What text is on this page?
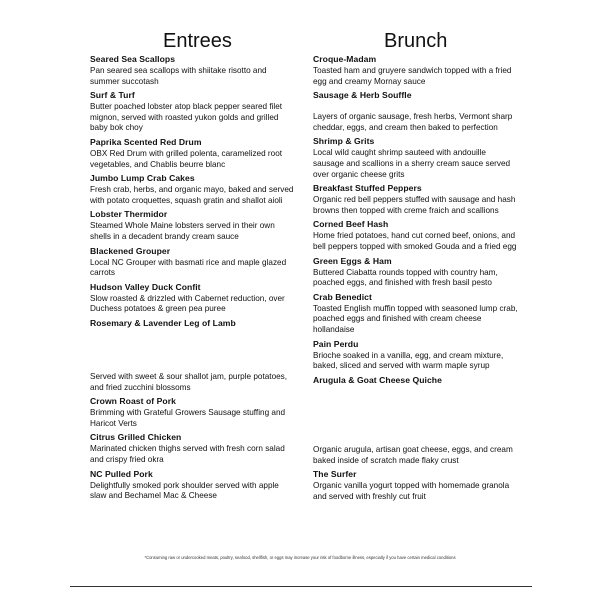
Entrees	Brunch
Seared Sea Scallops
Pan seared sea scallops with shiitake risotto and summer succotash
Surf & Turf
Butter poached lobster atop black pepper seared filet mignon, served with roasted yukon golds and grilled baby bok choy
Paprika Scented Red Drum
OBX Red Drum with grilled polenta, caramelized root vegetables, and Chablis beurre blanc
Jumbo Lump Crab Cakes
Fresh crab, herbs, and organic mayo, baked and served with potato croquettes, squash gratin and shallot aioli
Lobster Thermidor
Steamed Whole Maine lobsters served in their own shells in a decadent brandy cream sauce
Blackened Grouper
Local NC Grouper with basmati rice and maple glazed carrots
Hudson Valley Duck Confit
Slow roasted & drizzled with Cabernet reduction, over Duchess potatoes & green pea puree
Rosemary & Lavender Leg of Lamb
Served with sweet & sour shallot jam, purple potatoes, and fried zucchini blossoms
Crown Roast of Pork
Brimming with Grateful Growers Sausage stuffing and Haricot Verts
Citrus Grilled Chicken
Marinated chicken thighs served with fresh corn salad and crispy fried okra
NC Pulled Pork
Delightfully smoked pork shoulder served with apple slaw and Bechamel Mac & Cheese
Croque-Madam
Toasted ham and gruyere sandwich topped with a fried egg and creamy Mornay sauce
Sausage & Herb Souffle
Layers of organic sausage, fresh herbs, Vermont sharp cheddar, eggs, and cream then baked to perfection
Shrimp & Grits
Local wild caught shrimp sauteed with andouille sausage and scallions in a sherry cream sauce served over organic cheese grits
Breakfast Stuffed Peppers
Organic red bell peppers stuffed with sausage and hash browns then topped with creme fraich and scallions
Corned Beef Hash
Home fried potatoes, hand cut corned beef, onions, and bell peppers topped with smoked Gouda and a fried egg
Green Eggs & Ham
Buttered Ciabatta rounds topped with country ham, poached eggs, and finished with fresh basil pesto
Crab Benedict
Toasted English muffin topped with seasoned lump crab, poached eggs and finished with cream cheese hollandaise
Pain Perdu
Brioche soaked in a vanilla, egg, and cream mixture, baked, sliced and served with warm maple syrup
Arugula & Goat Cheese Quiche
Organic arugula, artisan goat cheese, eggs, and cream baked inside of scratch made flaky crust
The Surfer
Organic vanilla yogurt topped with homemade granola and served with freshly cut fruit
*Consuming raw or undercooked meats, poultry, seafood, shellfish, or eggs may increase your risk of foodborne illness, especially if you have certain medical conditions
